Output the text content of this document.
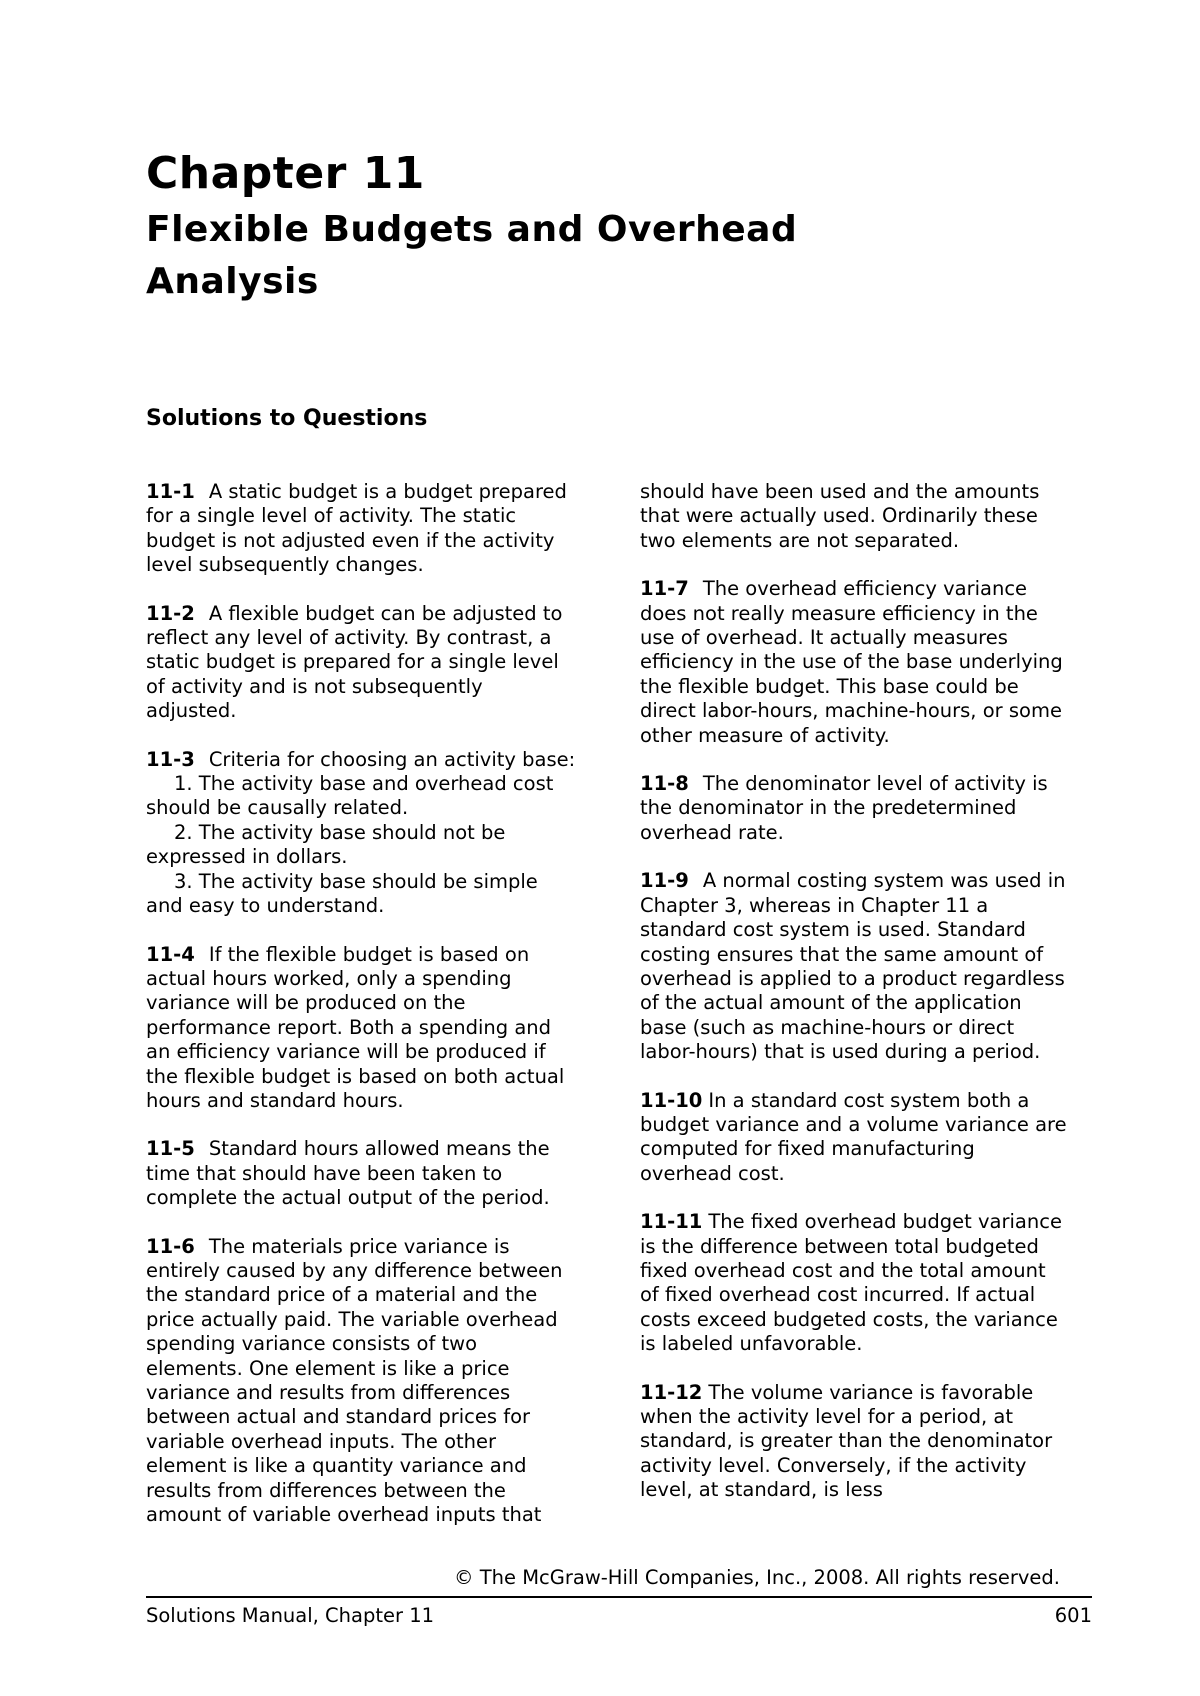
Chapter 11
Flexible Budgets and Overhead Analysis
Solutions to Questions

11-1 A static budget is a budget prepared for a single level of activity. The static budget is not adjusted even if the activity level subsequently changes.

11-2 A flexible budget can be adjusted to reflect any level of activity. By contrast, a static budget is prepared for a single level of activity and is not subsequently adjusted.

11-3 Criteria for choosing an activity base:
1. The activity base and overhead cost should be causally related.
2. The activity base should not be expressed in dollars.
3. The activity base should be simple and easy to understand.

11-4 If the flexible budget is based on actual hours worked, only a spending variance will be produced on the performance report. Both a spending and an efficiency variance will be produced if the flexible budget is based on both actual hours and standard hours.

11-5 Standard hours allowed means the time that should have been taken to complete the actual output of the period.

11-6 The materials price variance is entirely caused by any difference between the standard price of a material and the price actually paid. The variable overhead spending variance consists of two elements. One element is like a price variance and results from differences between actual and standard prices for variable overhead inputs. The other element is like a quantity variance and results from differences between the amount of variable overhead inputs that

should have been used and the amounts that were actually used. Ordinarily these two elements are not separated.

11-7 The overhead efficiency variance does not really measure efficiency in the use of overhead. It actually measures efficiency in the use of the base underlying the flexible budget. This base could be direct labor-hours, machine-hours, or some other measure of activity.

11-8 The denominator level of activity is the denominator in the predetermined overhead rate.

11-9 A normal costing system was used in Chapter 3, whereas in Chapter 11 a standard cost system is used. Standard costing ensures that the same amount of overhead is applied to a product regardless of the actual amount of the application base (such as machine-hours or direct labor-hours) that is used during a period.

11-10 In a standard cost system both a budget variance and a volume variance are computed for fixed manufacturing overhead cost.

11-11 The fixed overhead budget variance is the difference between total budgeted fixed overhead cost and the total amount of fixed overhead cost incurred. If actual costs exceed budgeted costs, the variance is labeled unfavorable.

11-12 The volume variance is favorable when the activity level for a period, at standard, is greater than the denominator activity level. Conversely, if the activity level, at standard, is less

© The McGraw-Hill Companies, Inc., 2008. All rights reserved.
Solutions Manual, Chapter 11	601
